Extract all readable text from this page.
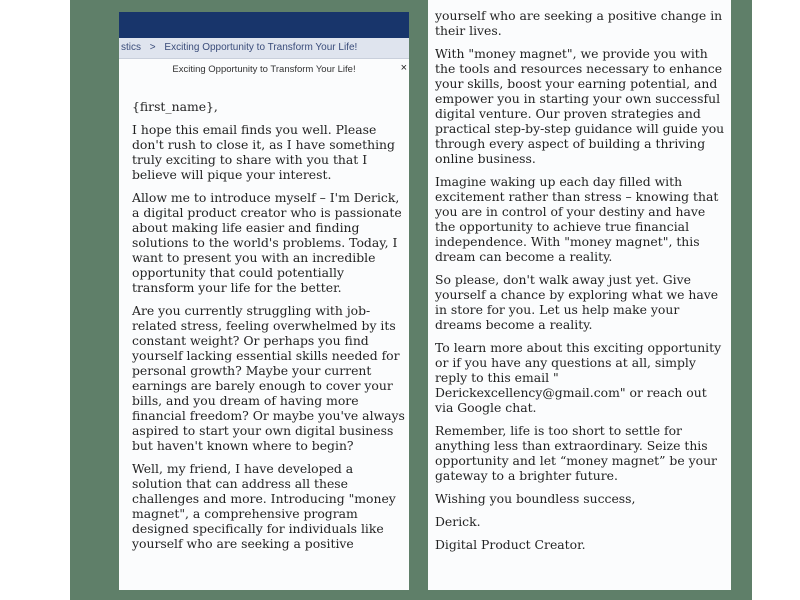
stics > Exciting Opportunity to Transform Your Life!
Exciting Opportunity to Transform Your Life!	×

{first_name},

I hope this email finds you well. Please don't rush to close it, as I have something truly exciting to share with you that I believe will pique your interest.

Allow me to introduce myself – I'm Derick, a digital product creator who is passionate about making life easier and finding solutions to the world's problems. Today, I want to present you with an incredible opportunity that could potentially transform your life for the better.

Are you currently struggling with job-related stress, feeling overwhelmed by its constant weight? Or perhaps you find yourself lacking essential skills needed for personal growth? Maybe your current earnings are barely enough to cover your bills, and you dream of having more financial freedom? Or maybe you've always aspired to start your own digital business but haven't known where to begin?

Well, my friend, I have developed a solution that can address all these challenges and more. Introducing "money magnet", a comprehensive program designed specifically for individuals like yourself who are seeking a positive

yourself who are seeking a positive change in their lives.

With "money magnet", we provide you with the tools and resources necessary to enhance your skills, boost your earning potential, and empower you in starting your own successful digital venture. Our proven strategies and practical step-by-step guidance will guide you through every aspect of building a thriving online business.

Imagine waking up each day filled with excitement rather than stress – knowing that you are in control of your destiny and have the opportunity to achieve true financial independence. With "money magnet", this dream can become a reality.

So please, don't walk away just yet. Give yourself a chance by exploring what we have in store for you. Let us help make your dreams become a reality.

To learn more about this exciting opportunity or if you have any questions at all, simply reply to this email " Derickexcellency@gmail.com" or reach out via Google chat.

Remember, life is too short to settle for anything less than extraordinary. Seize this opportunity and let “money magnet” be your gateway to a brighter future.

Wishing you boundless success,

Derick.

Digital Product Creator.
